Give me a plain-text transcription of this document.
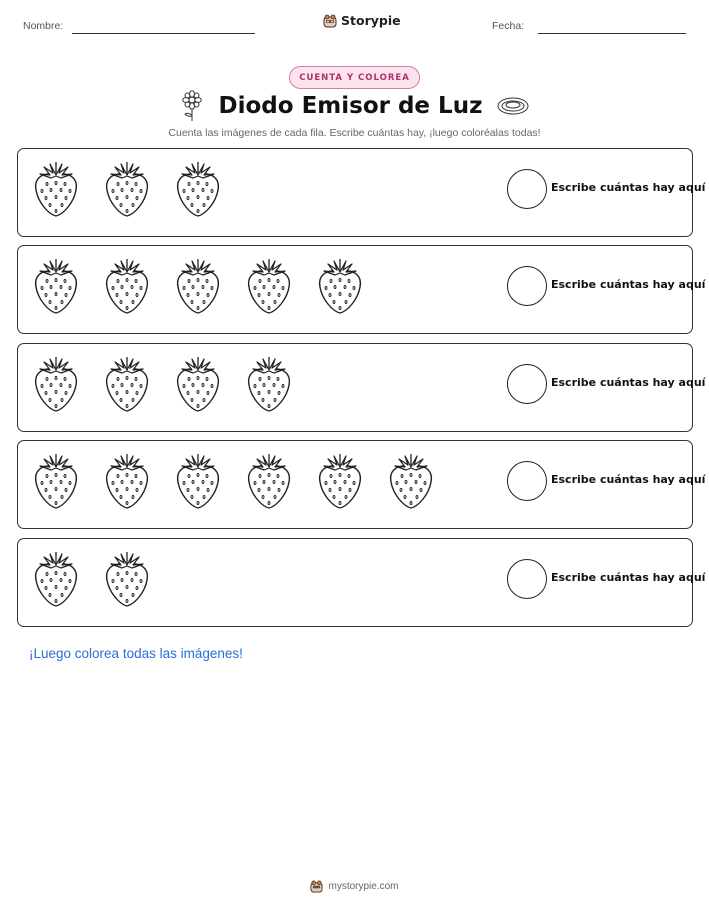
Nombre:	Storypie	Fecha:
CUENTA Y COLOREA
Diodo Emisor de Luz
Cuenta las imágenes de cada fila. Escribe cuántas hay, ¡luego coloréalas todas!
Escribe cuántas hay aquí
Escribe cuántas hay aquí
Escribe cuántas hay aquí
Escribe cuántas hay aquí
Escribe cuántas hay aquí
¡Luego colorea todas las imágenes!
mystorypie.com
